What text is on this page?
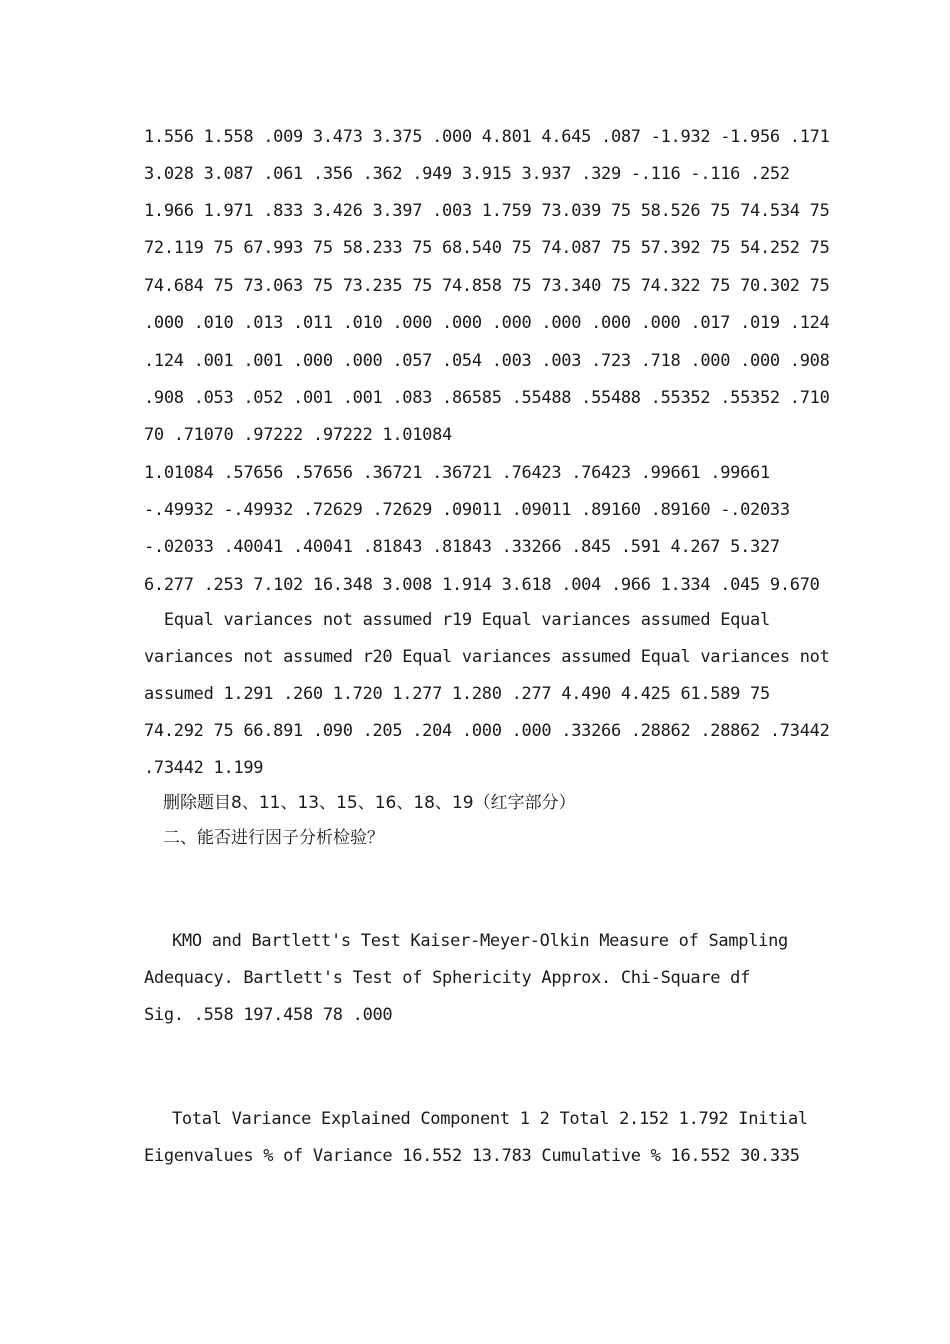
1.556 1.558 .009 3.473 3.375 .000 4.801 4.645 .087 -1.932 -1.956 .171

3.028 3.087 .061 .356 .362 .949 3.915 3.937 .329 -.116 -.116 .252

1.966 1.971 .833 3.426 3.397 .003 1.759 73.039 75 58.526 75 74.534 75

72.119 75 67.993 75 58.233 75 68.540 75 74.087 75 57.392 75 54.252 75

74.684 75 73.063 75 73.235 75 74.858 75 73.340 75 74.322 75 70.302 75

.000 .010 .013 .011 .010 .000 .000 .000 .000 .000 .000 .017 .019 .124

.124 .001 .001 .000 .000 .057 .054 .003 .003 .723 .718 .000 .000 .908

.908 .053 .052 .001 .001 .083 .86585 .55488 .55488 .55352 .55352 .710

70 .71070 .97222 .97222 1.01084

1.01084 .57656 .57656 .36721 .36721 .76423 .76423 .99661 .99661

-.49932 -.49932 .72629 .72629 .09011 .09011 .89160 .89160 -.02033

-.02033 .40041 .40041 .81843 .81843 .33266 .845 .591 4.267 5.327

6.277 .253 7.102 16.348 3.008 1.914 3.618 .004 .966 1.334 .045 9.670

Equal variances not assumed r19 Equal variances assumed Equal

variances not assumed r20 Equal variances assumed Equal variances not

assumed 1.291 .260 1.720 1.277 1.280 .277 4.490 4.425 61.589 75

74.292 75 66.891 .090 .205 .204 .000 .000 .33266 .28862 .28862 .73442

.73442 1.199

删除题目8、11、13、15、16、18、19（红字部分）

二、能否进行因子分析检验？

KMO and Bartlett's Test Kaiser-Meyer-Olkin Measure of Sampling

Adequacy. Bartlett's Test of Sphericity Approx. Chi-Square df

Sig. .558 197.458 78 .000

Total Variance Explained Component 1 2 Total 2.152 1.792 Initial

Eigenvalues % of Variance 16.552 13.783 Cumulative % 16.552 30.335
